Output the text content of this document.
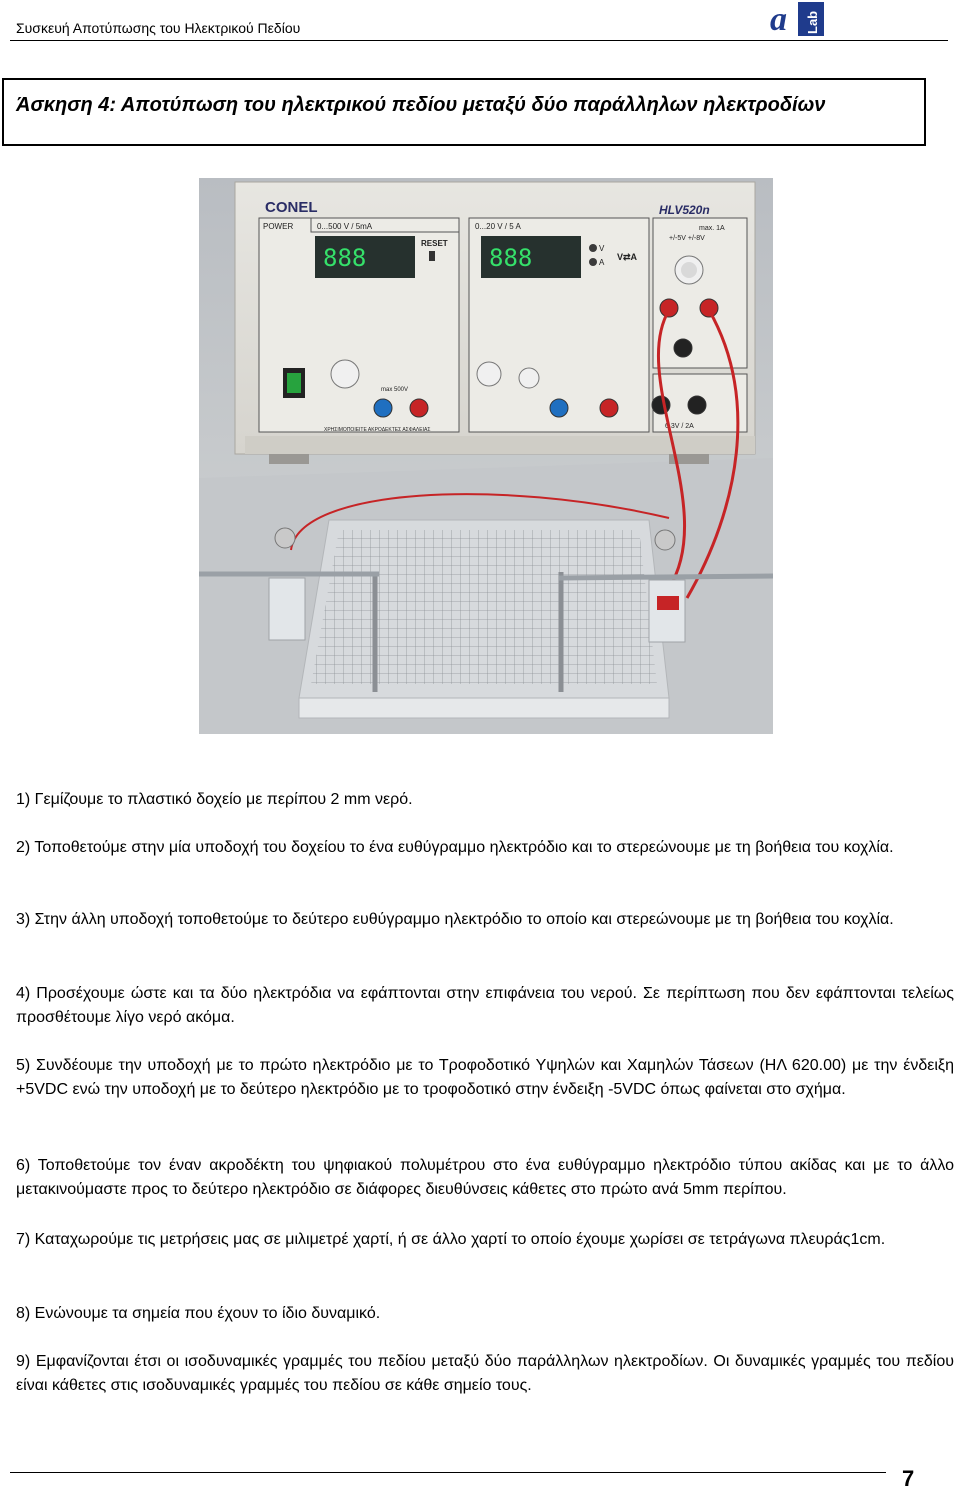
Συσκευή Αποτύπωσης του Ηλεκτρικού Πεδίου	a Lab
Άσκηση 4: Αποτύπωση του ηλεκτρικού πεδίου μεταξύ δύο παράλληλων ηλεκτροδίων
CONEL	HLV520n
POWER	0...500 V / 5mA	0...20 V / 5 A	max. 1A
+/-5V +/-8V
888
RESET
888	V
A
V⇄A
max 500V
ΧΡΗΣΙΜΟΠΟΙΕΙΤΕ ΑΚΡΟΔΕΚΤΕΣ ΑΣΦΑΛΕΙΑΣ	6,3V / 2A
1) Γεμίζουμε το πλαστικό δοχείο με περίπου 2 mm νερό.
2) Τοποθετούμε στην μία υποδοχή του δοχείου το ένα ευθύγραμμο ηλεκτρόδιο και το στερεώνουμε με τη βοήθεια του κοχλία.
3) Στην άλλη υποδοχή τοποθετούμε το δεύτερο ευθύγραμμο ηλεκτρόδιο το οποίο και στερεώνουμε με τη βοήθεια του κοχλία.
4) Προσέχουμε ώστε και τα δύο ηλεκτρόδια να εφάπτονται στην επιφάνεια του νερού. Σε περίπτωση που δεν εφάπτονται τελείως προσθέτουμε λίγο νερό ακόμα.
5) Συνδέουμε την υποδοχή με το πρώτο ηλεκτρόδιο με το Τροφοδοτικό Υψηλών και Χαμηλών Τάσεων (ΗΛ 620.00) με την ένδειξη +5VDC ενώ την υποδοχή με το δεύτερο ηλεκτρόδιο με το τροφοδοτικό στην ένδειξη -5VDC όπως φαίνεται στο σχήμα.
6) Τοποθετούμε τον έναν ακροδέκτη του ψηφιακού πολυμέτρου στο ένα ευθύγραμμο ηλεκτρόδιο τύπου ακίδας και με το άλλο μετακινούμαστε προς το δεύτερο ηλεκτρόδιο σε διάφορες διευθύνσεις κάθετες στο πρώτο ανά 5mm περίπου.
7) Καταχωρούμε τις μετρήσεις μας σε μιλιμετρέ χαρτί, ή σε άλλο χαρτί το οποίο έχουμε χωρίσει σε τετράγωνα πλευράς1cm.
8) Ενώνουμε τα σημεία που έχουν το ίδιο δυναμικό.
9) Εμφανίζονται έτσι οι ισοδυναμικές γραμμές του πεδίου μεταξύ δύο παράλληλων ηλεκτροδίων. Οι δυναμικές γραμμές του πεδίου είναι κάθετες στις ισοδυναμικές γραμμές του πεδίου σε κάθε σημείο τους.
7
